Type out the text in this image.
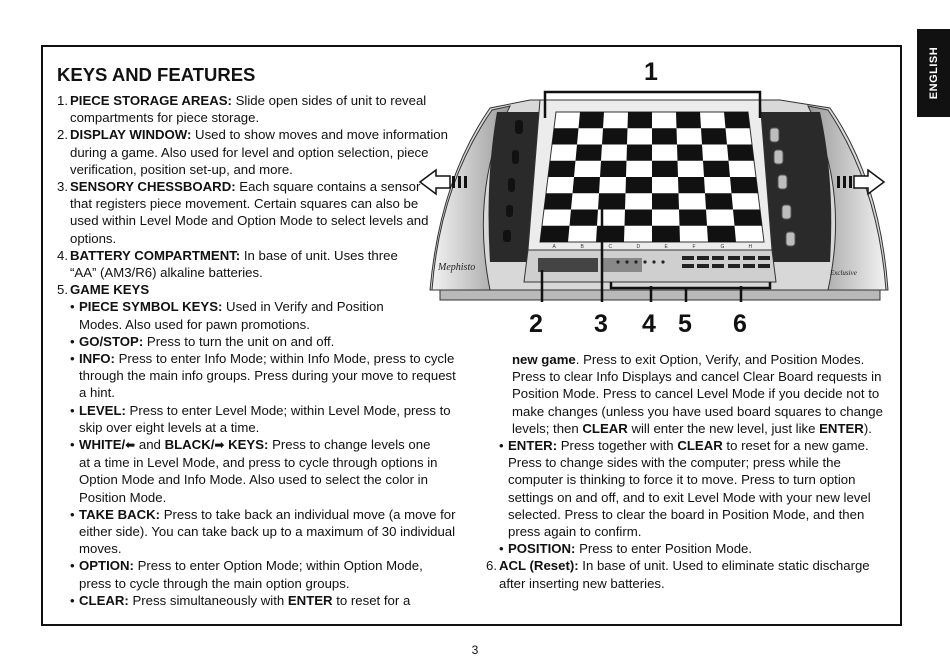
ENGLISH
KEYS AND FEATURES
1. PIECE STORAGE AREAS: Slide open sides of unit to reveal compartments for piece storage.
2. DISPLAY WINDOW: Used to show moves and move information during a game. Also used for level and option selection, piece verification, position set-up, and more.
3. SENSORY CHESSBOARD: Each square contains a sensor that registers piece movement. Certain squares can also be used within Level Mode and Option Mode to select levels and options.
4. BATTERY COMPARTMENT: In base of unit. Uses three “AA” (AM3/R6) alkaline batteries.
5. GAME KEYS
• PIECE SYMBOL KEYS: Used in Verify and Position Modes. Also used for pawn promotions.
• GO/STOP: Press to turn the unit on and off.
• INFO: Press to enter Info Mode; within Info Mode, press to cycle through the main info groups. Press during your move to request a hint.
• LEVEL: Press to enter Level Mode; within Level Mode, press to skip over eight levels at a time.
• WHITE/⬅ and BLACK/➡ KEYS: Press to change levels one at a time in Level Mode, and press to cycle through options in Option Mode and Info Mode. Also used to select the color in Position Mode.
• TAKE BACK: Press to take back an individual move (a move for either side). You can take back up to a maximum of 30 individual moves.
• OPTION: Press to enter Option Mode; within Option Mode, press to cycle through the main option groups.
• CLEAR: Press simultaneously with ENTER to reset for a
new game. Press to exit Option, Verify, and Position Modes. Press to clear Info Displays and cancel Clear Board requests in Position Mode. Press to cancel Level Mode if you decide not to make changes (unless you have used board squares to change levels; then CLEAR will enter the new level, just like ENTER).
• ENTER: Press together with CLEAR to reset for a new game. Press to change sides with the computer; press while the computer is thinking to force it to move. Press to turn option settings on and off, and to exit Level Mode with your new level selected. Press to clear the board in Position Mode, and then press again to confirm.
• POSITION: Press to enter Position Mode.
6. ACL (Reset): In base of unit. Used to eliminate static discharge after inserting new batteries.
A	B	C	D	E	F	G	H
Mephisto	Exclusive
1
2 3 4 5 6
3
